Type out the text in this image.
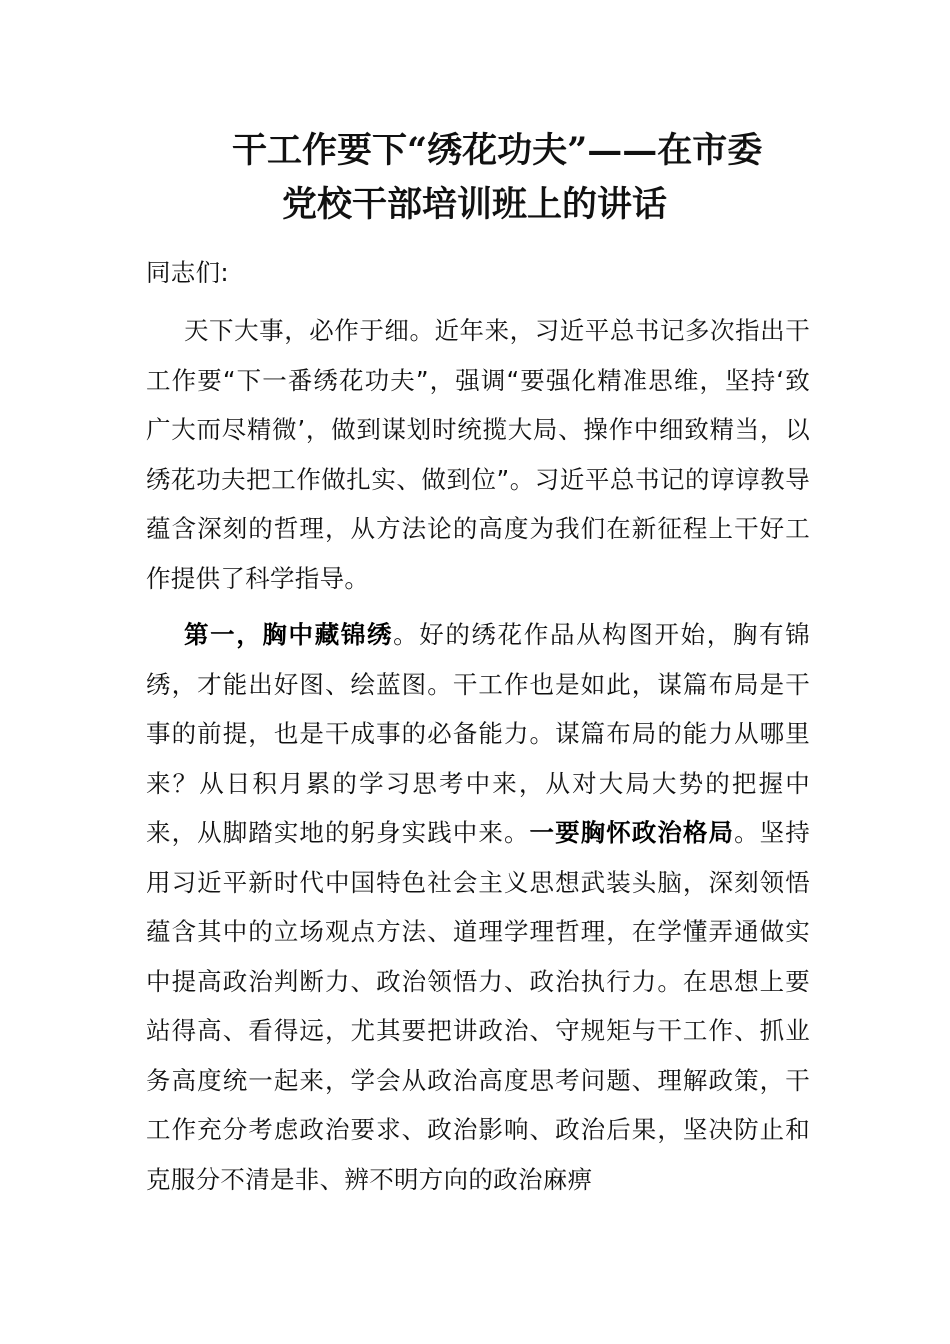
干工作要下“绣花功夫”——在市委
党校干部培训班上的讲话

同志们:

天下大事，必作于细。近年来，习近平总书记多次指出干工作要“下一番绣花功夫”，强调“要强化精准思维，坚持‘致广大而尽精微’，做到谋划时统揽大局、操作中细致精当，以绣花功夫把工作做扎实、做到位”。习近平总书记的谆谆教导蕴含深刻的哲理，从方法论的高度为我们在新征程上干好工作提供了科学指导。

第一，胸中藏锦绣。好的绣花作品从构图开始，胸有锦绣，才能出好图、绘蓝图。干工作也是如此，谋篇布局是干事的前提，也是干成事的必备能力。谋篇布局的能力从哪里来？从日积月累的学习思考中来，从对大局大势的把握中来，从脚踏实地的躬身实践中来。一要胸怀政治格局。坚持用习近平新时代中国特色社会主义思想武装头脑，深刻领悟蕴含其中的立场观点方法、道理学理哲理，在学懂弄通做实中提高政治判断力、政治领悟力、政治执行力。在思想上要站得高、看得远，尤其要把讲政治、守规矩与干工作、抓业务高度统一起来，学会从政治高度思考问题、理解政策，干工作充分考虑政治要求、政治影响、政治后果，坚决防止和克服分不清是非、辨不明方向的政治麻痹
